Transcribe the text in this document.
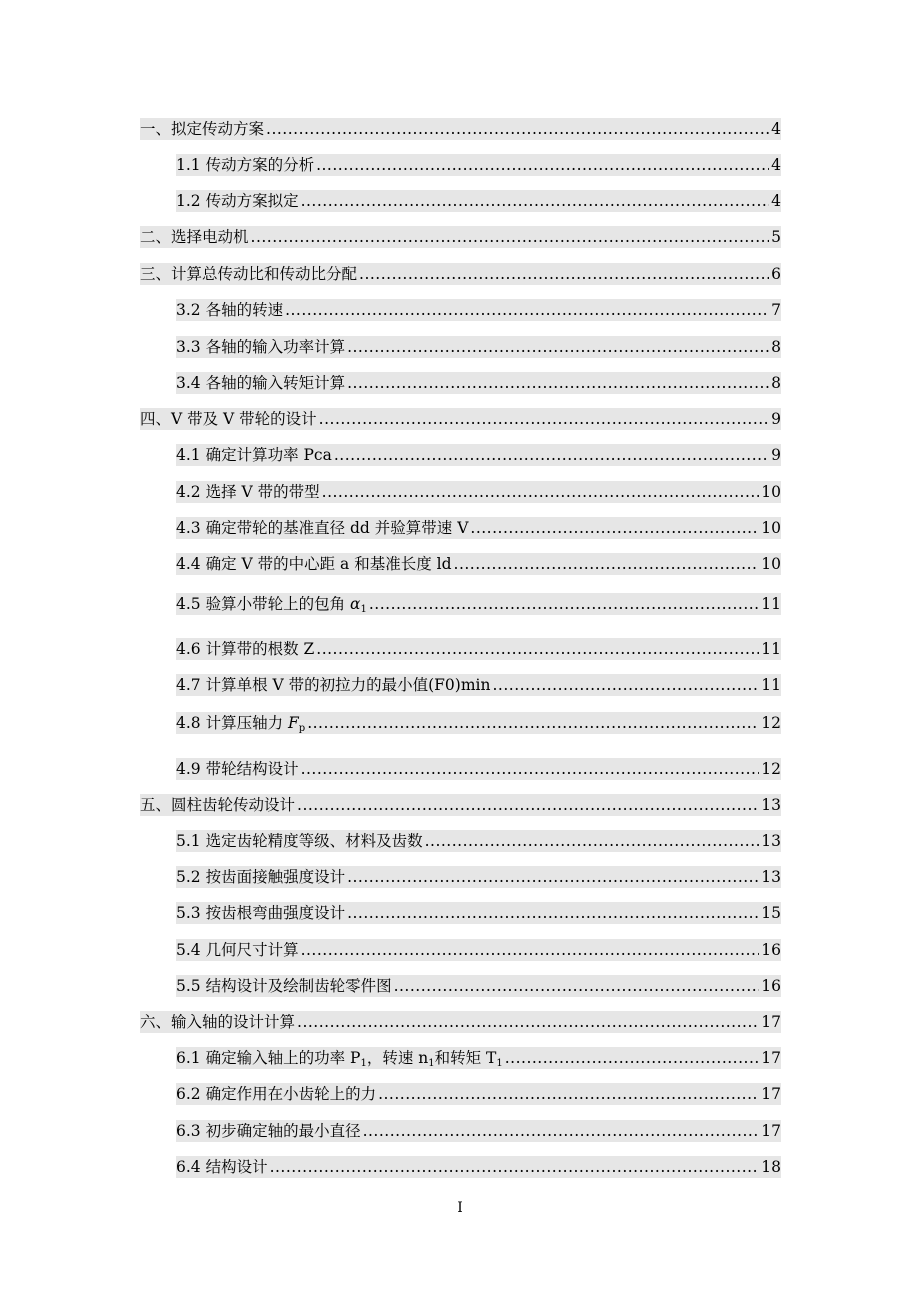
一、拟定传动方案 .....	4
1.1 传动方案的分析 .....	4
1.2 传动方案拟定 .....	4
二、选择电动机 .....	5
三、计算总传动比和传动比分配 .....	6
3.2 各轴的转速 .....	7
3.3 各轴的输入功率计算 .....	8
3.4 各轴的输入转矩计算 .....	8
四、V 带及 V 带轮的设计 .....	9
4.1 确定计算功率 Pca .....	9
4.2 选择 V 带的带型 .....	10
4.3 确定带轮的基准直径 dd 并验算带速 V .....	10
4.4 确定 V 带的中心距 a 和基准长度 ld .....	10
4.5 验算小带轮上的包角 $\alpha_1$ .....	11
4.6 计算带的根数 Z .....	11
4.7 计算单根 V 带的初拉力的最小值(F0)min .....	11
4.8 计算压轴力 $F_p$ .....	12
4.9 带轮结构设计 .....	12
五、圆柱齿轮传动设计 .....	13
5.1 选定齿轮精度等级、材料及齿数 .....	13
5.2 按齿面接触强度设计 .....	13
5.3 按齿根弯曲强度设计 .....	15
5.4 几何尺寸计算 .....	16
5.5 结构设计及绘制齿轮零件图 .....	16
六、输入轴的设计计算 .....	17
6.1 确定输入轴上的功率 $P_1$，转速 $n_1$和转矩 $T_1$ .....	17
6.2 确定作用在小齿轮上的力 .....	17
6.3 初步确定轴的最小直径 .....	17
6.4 结构设计 .....	18
I
